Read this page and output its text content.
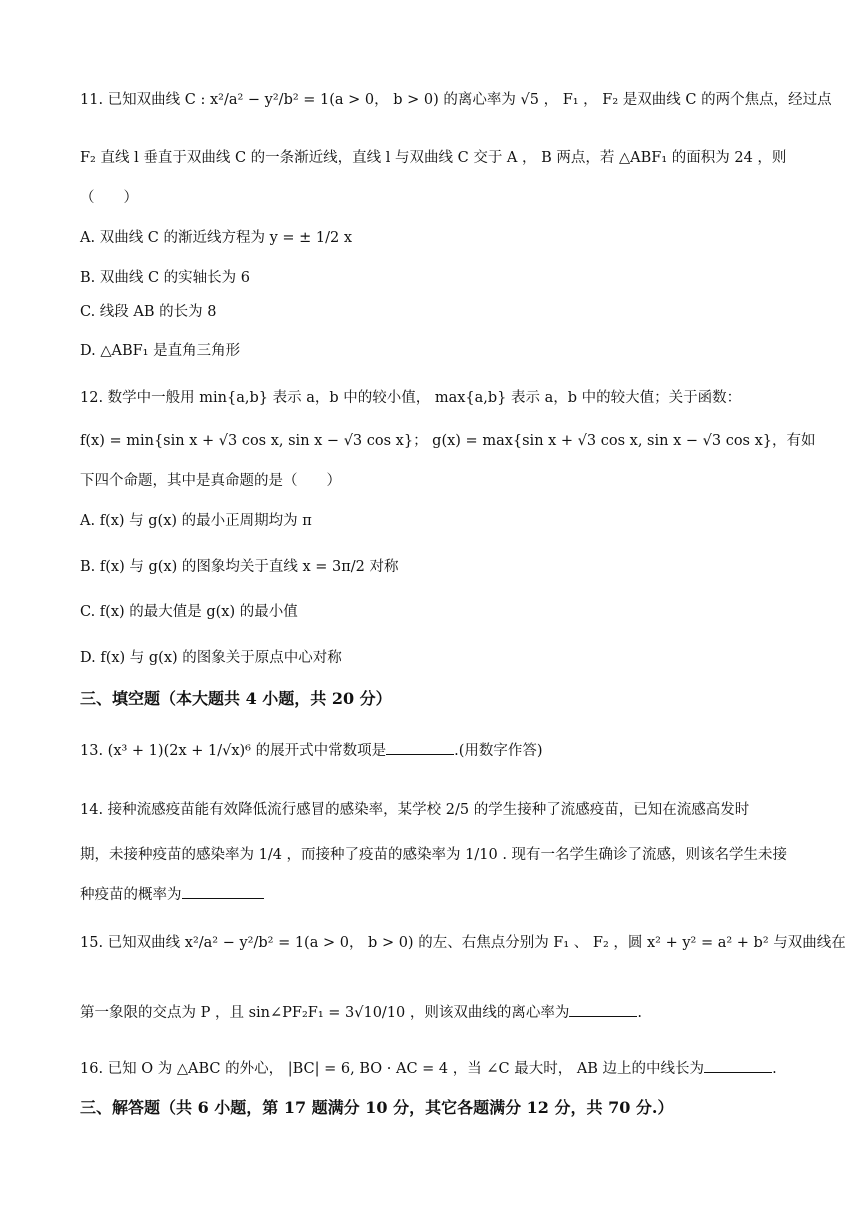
11. 已知双曲线 C : x²/a² − y²/b² = 1(a > 0， b > 0) 的离心率为 √5 ， F₁ ， F₂ 是双曲线 C 的两个焦点，经过点
F₂ 直线 l 垂直于双曲线 C 的一条渐近线，直线 l 与双曲线 C 交于 A ， B 两点，若 △ABF₁ 的面积为 24 ，则
（　　）
A. 双曲线 C 的渐近线方程为 y = ± 1/2 x
B. 双曲线 C 的实轴长为 6
C. 线段 AB 的长为 8
D. △ABF₁ 是直角三角形
12. 数学中一般用 min{a,b} 表示 a，b 中的较小值， max{a,b} 表示 a，b 中的较大值；关于函数：
f(x) = min{sin x + √3 cos x, sin x − √3 cos x}； g(x) = max{sin x + √3 cos x, sin x − √3 cos x}，有如
下四个命题，其中是真命题的是（　　）
A. f(x) 与 g(x) 的最小正周期均为 π
B. f(x) 与 g(x) 的图象均关于直线 x = 3π/2 对称
C. f(x) 的最大值是 g(x) 的最小值
D. f(x) 与 g(x) 的图象关于原点中心对称
三、填空题（本大题共 4 小题，共 20 分）
13. (x³ + 1)(2x + 1/√x)⁶ 的展开式中常数项是	.(用数字作答)
14. 接种流感疫苗能有效降低流行感冒的感染率，某学校 2/5 的学生接种了流感疫苗，已知在流感高发时
期，未接种疫苗的感染率为 1/4 ，而接种了疫苗的感染率为 1/10 . 现有一名学生确诊了流感，则该名学生未接
种疫苗的概率为
15. 已知双曲线 x²/a² − y²/b² = 1(a > 0， b > 0) 的左、右焦点分别为 F₁ 、 F₂ ，圆 x² + y² = a² + b² 与双曲线在
第一象限的交点为 P ，且 sin∠PF₂F₁ = 3√10/10 ，则该双曲线的离心率为	.
16. 已知 O 为 △ABC 的外心， |BC| = 6, BO · AC = 4 ，当 ∠C 最大时， AB 边上的中线长为	.
三、解答题（共 6 小题，第 17 题满分 10 分，其它各题满分 12 分，共 70 分.）
